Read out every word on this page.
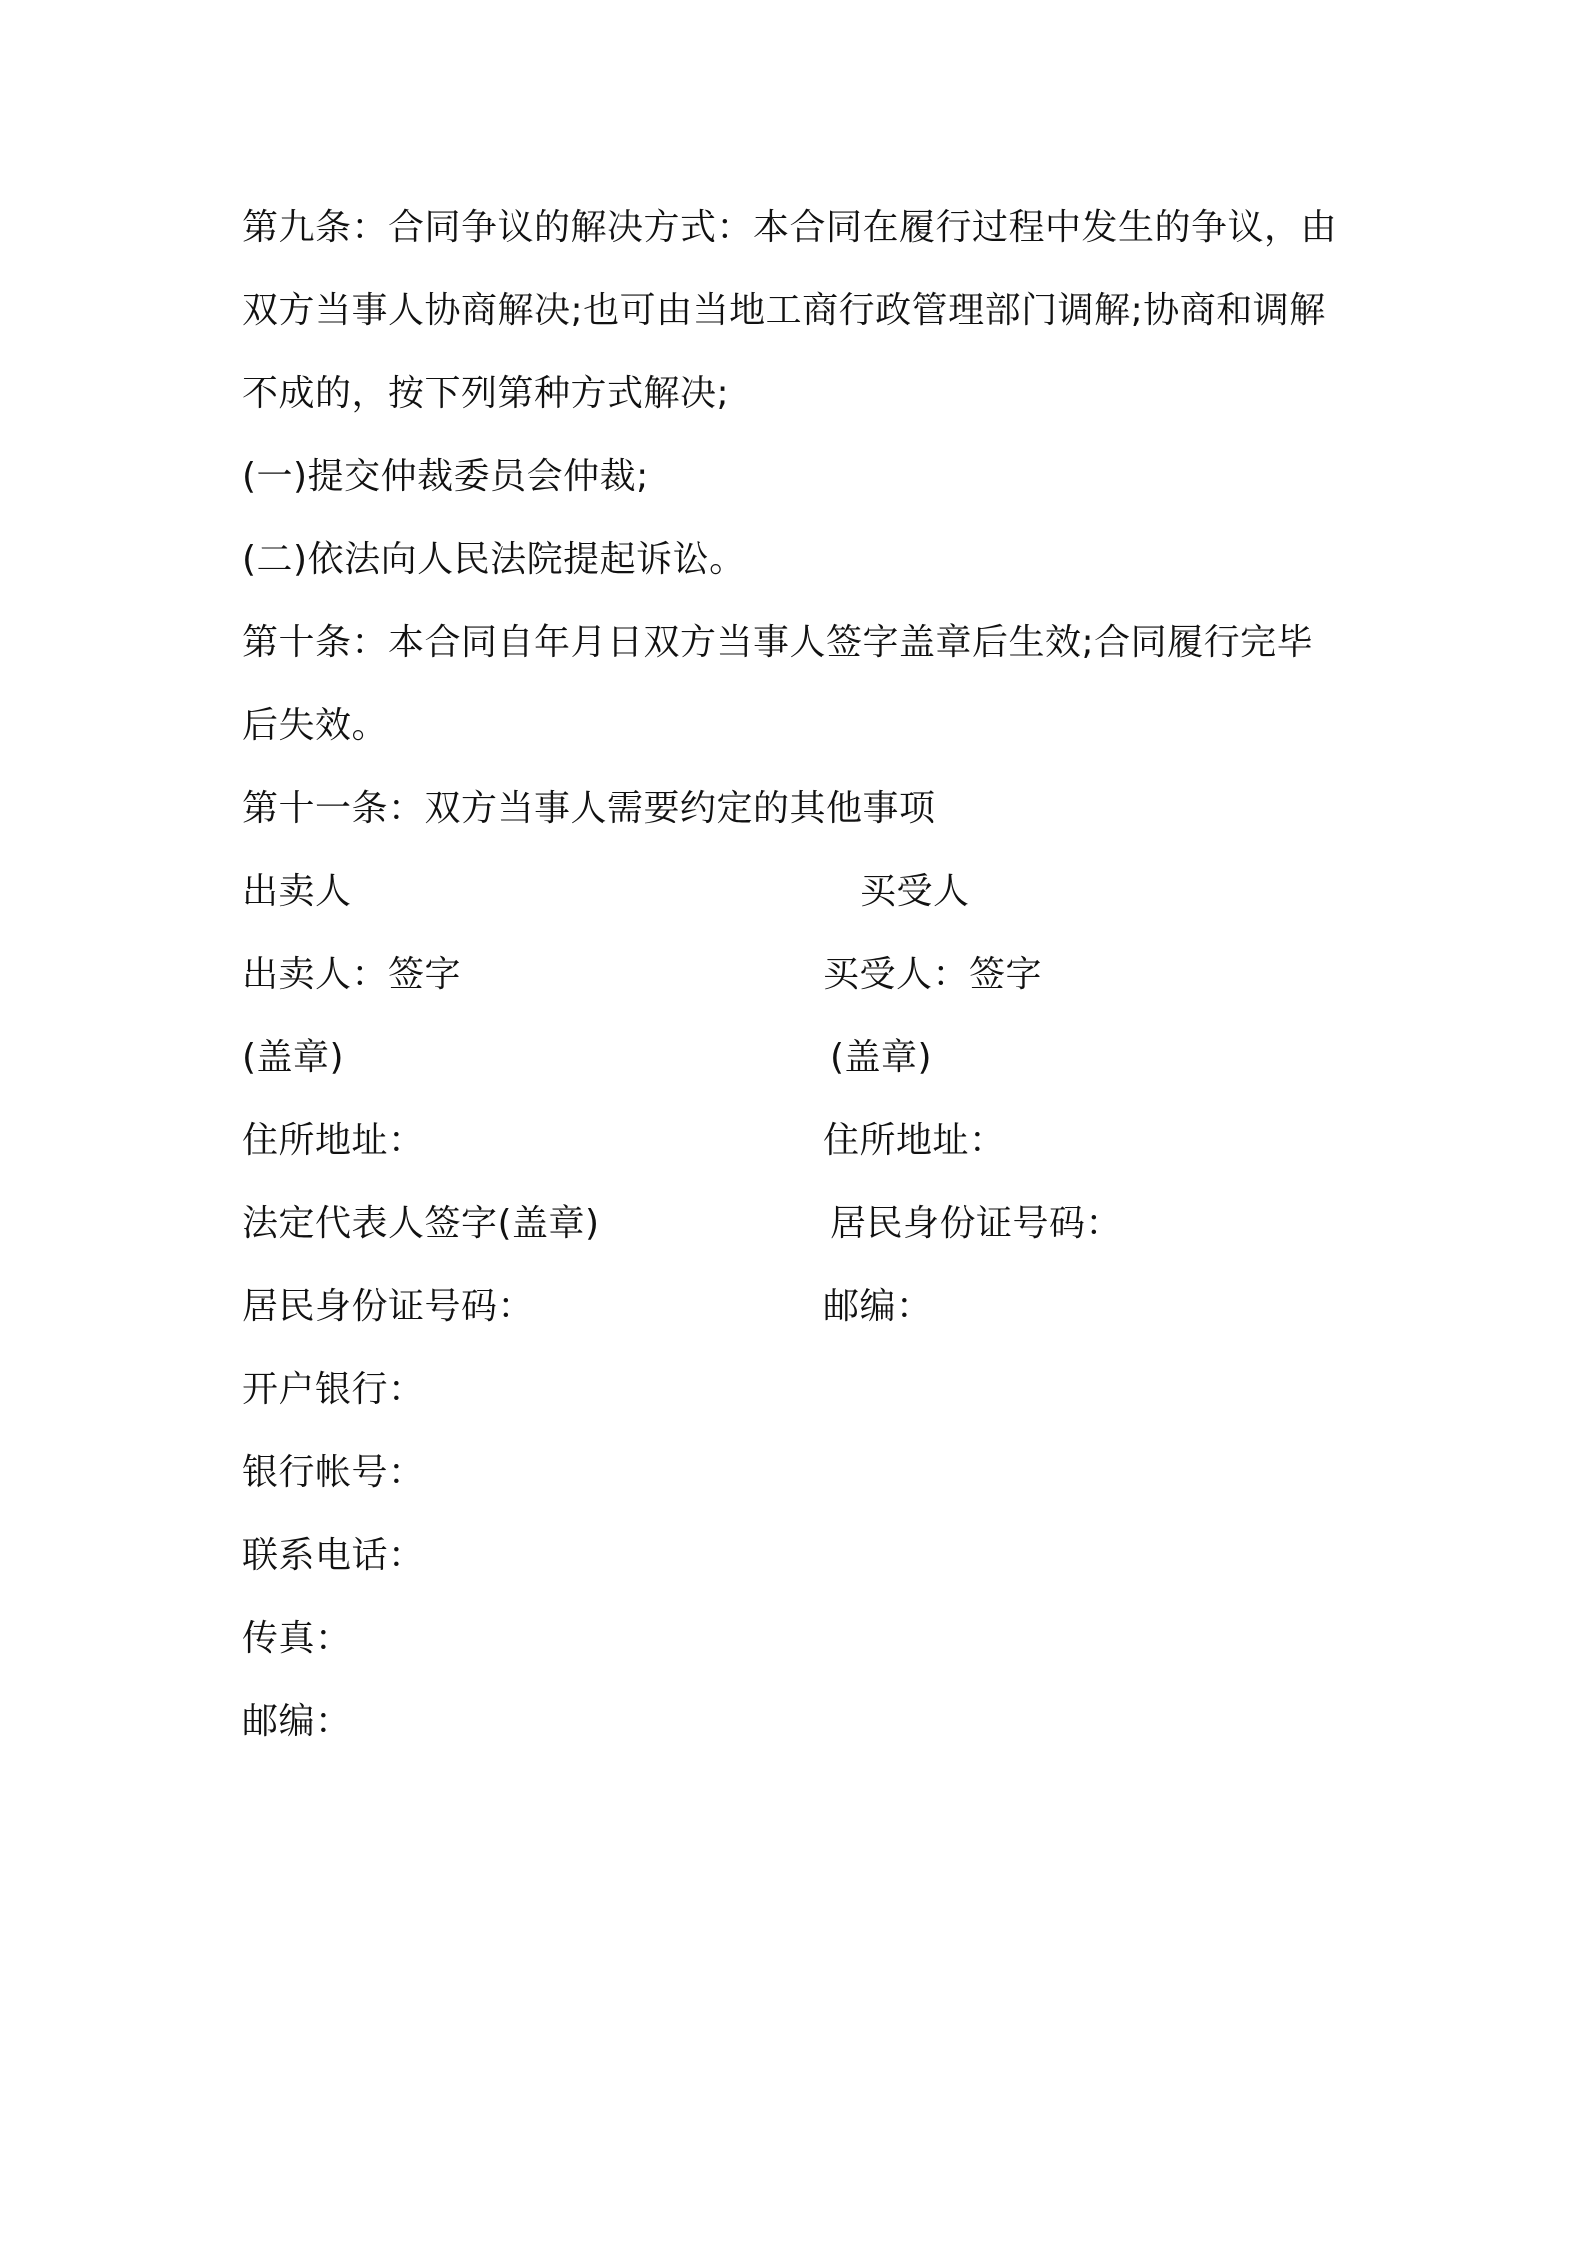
第九条：合同争议的解决方式：本合同在履行过程中发生的争议，由
双方当事人协商解决;也可由当地工商行政管理部门调解;协商和调解
不成的，按下列第种方式解决;
(一)提交仲裁委员会仲裁;
(二)依法向人民法院提起诉讼。
第十条：本合同自年月日双方当事人签字盖章后生效;合同履行完毕
后失效。
第十一条：双方当事人需要约定的其他事项
出卖人	买受人
出卖人：签字	买受人：签字
(盖章)	(盖章)
住所地址：	住所地址：
法定代表人签字(盖章)	居民身份证号码：
居民身份证号码：	邮编：
开户银行：
银行帐号：
联系电话：
传真：
邮编：
